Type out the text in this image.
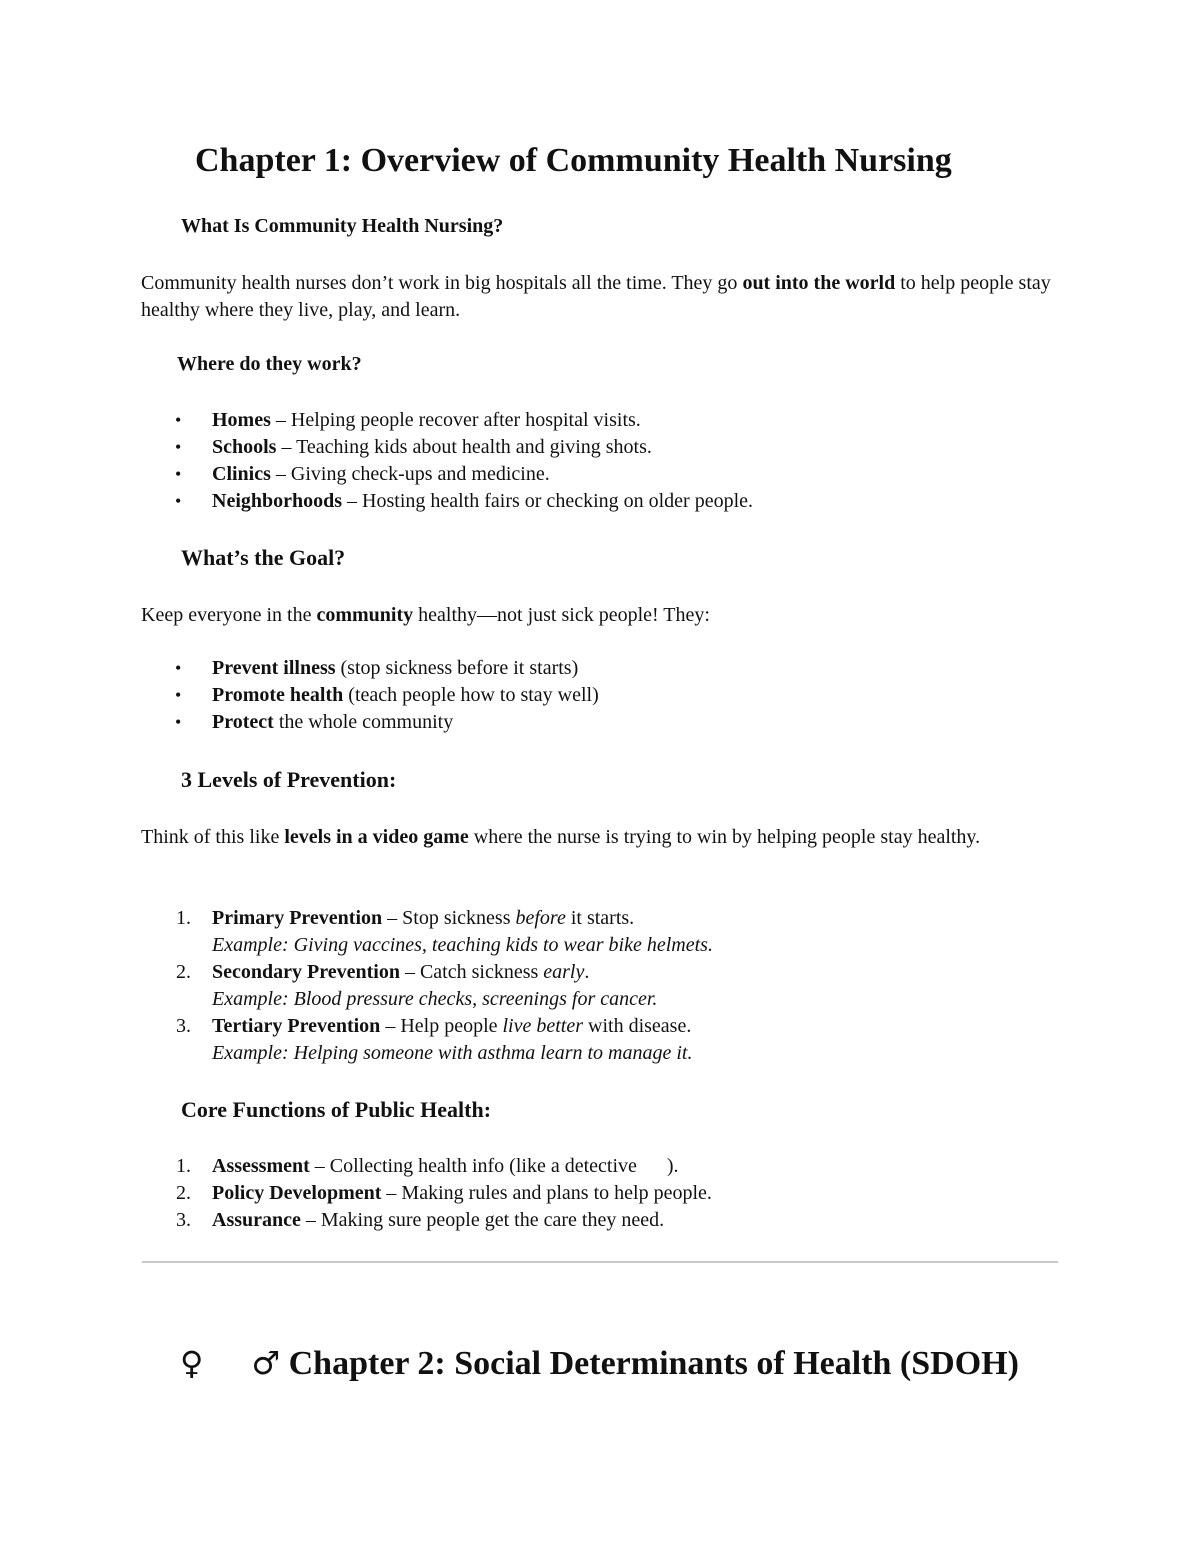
Chapter 1: Overview of Community Health Nursing
What Is Community Health Nursing?

Community health nurses don’t work in big hospitals all the time. They go out into the world to help people stay healthy where they live, play, and learn.

Where do they work?
• Homes – Helping people recover after hospital visits.
• Schools – Teaching kids about health and giving shots.
• Clinics – Giving check-ups and medicine.
• Neighborhoods – Hosting health fairs or checking on older people.
What’s the Goal?

Keep everyone in the community healthy—not just sick people! They:

• Prevent illness (stop sickness before it starts)
• Promote health (teach people how to stay well)
• Protect the whole community
3 Levels of Prevention:

Think of this like levels in a video game where the nurse is trying to win by helping people stay healthy.

1. Primary Prevention – Stop sickness before it starts.
Example: Giving vaccines, teaching kids to wear bike helmets.
2. Secondary Prevention – Catch sickness early.
Example: Blood pressure checks, screenings for cancer.
3. Tertiary Prevention – Help people live better with disease.
Example: Helping someone with asthma learn to manage it.
Core Functions of Public Health:
1. Assessment – Collecting health info (like a detective      ).
2. Policy Development – Making rules and plans to help people.
3. Assurance – Making sure people get the care they need.
♀ ♂ Chapter 2: Social Determinants of Health (SDOH)
